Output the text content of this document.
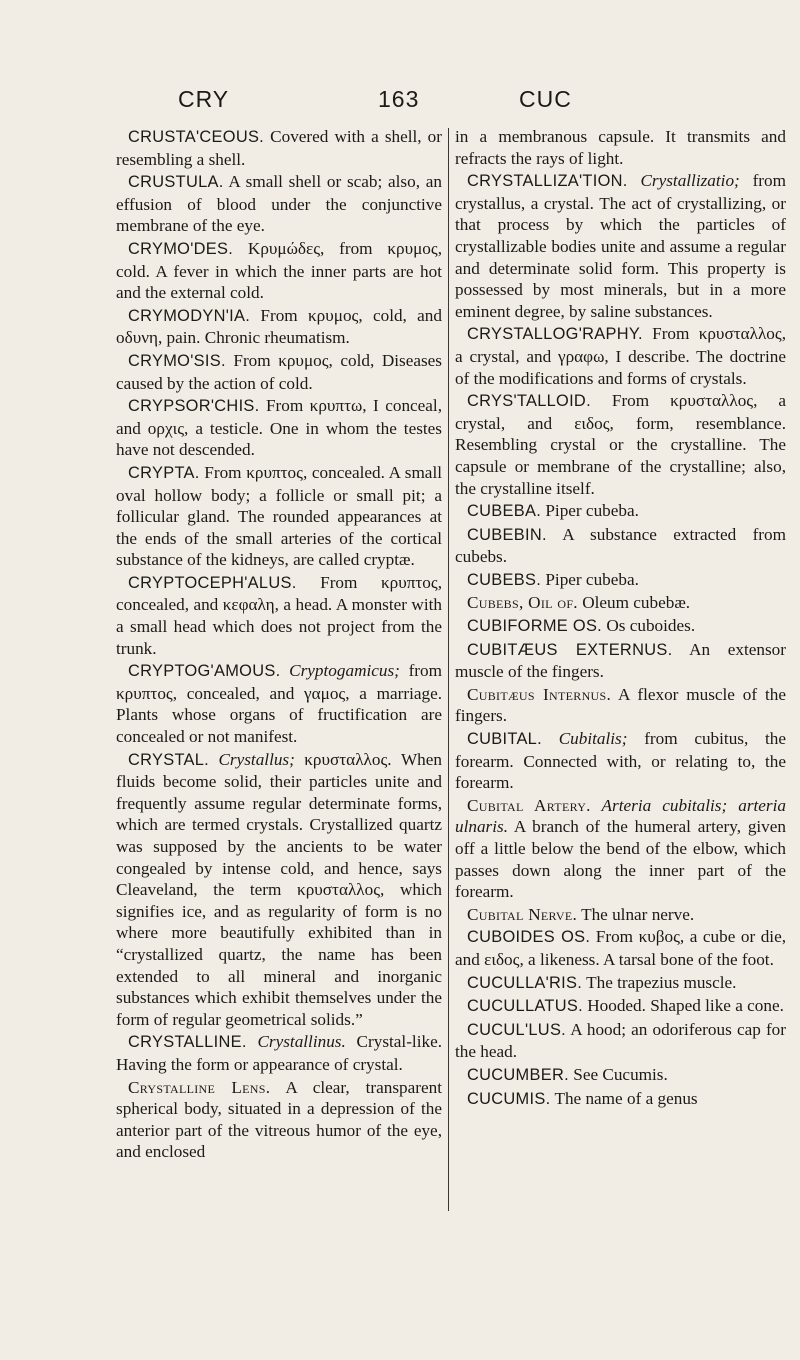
CRY	163	CUC

CRUSTA'CEOUS. Covered with a shell, or resembling a shell.

CRUSTULA. A small shell or scab; also, an effusion of blood under the conjunctive membrane of the eye.

CRYMO'DES. Κρυμώδες, from κρυμος, cold. A fever in which the inner parts are hot and the external cold.

CRYMODYN'IA. From κρυμος, cold, and οδυνη, pain. Chronic rheumatism.

CRYMO'SIS. From κρυμος, cold, Diseases caused by the action of cold.

CRYPSOR'CHIS. From κρυπτω, I conceal, and ορχις, a testicle. One in whom the testes have not descended.

CRYPTA. From κρυπτος, concealed. A small oval hollow body; a follicle or small pit; a follicular gland. The rounded appearances at the ends of the small arteries of the cortical substance of the kidneys, are called cryptæ.

CRYPTOCEPH'ALUS. From κρυπτος, concealed, and κεφαλη, a head. A monster with a small head which does not project from the trunk.

CRYPTOG'AMOUS. Cryptogamicus; from κρυπτος, concealed, and γαμος, a marriage. Plants whose organs of fructification are concealed or not manifest.

CRYSTAL. Crystallus; κρυσταλλος. When fluids become solid, their particles unite and frequently assume regular determinate forms, which are termed crystals. Crystallized quartz was supposed by the ancients to be water congealed by intense cold, and hence, says Cleaveland, the term κρυσταλλος, which signifies ice, and as regularity of form is no where more beautifully exhibited than in “crystallized quartz, the name has been extended to all mineral and inorganic substances which exhibit themselves under the form of regular geometrical solids.”

CRYSTALLINE. Crystallinus. Crystal-like. Having the form or appearance of crystal.

Crystalline Lens. A clear, transparent spherical body, situated in a depression of the anterior part of the vitreous humor of the eye, and enclosed

in a membranous capsule. It transmits and refracts the rays of light.

CRYSTALLIZA'TION. Crystallizatio; from crystallus, a crystal. The act of crystallizing, or that process by which the particles of crystallizable bodies unite and assume a regular and determinate solid form. This property is possessed by most minerals, but in a more eminent degree, by saline substances.

CRYSTALLOG'RAPHY. From κρυσταλλος, a crystal, and γραφω, I describe. The doctrine of the modifications and forms of crystals.

CRYS'TALLOID. From κρυσταλλος, a crystal, and ειδος, form, resemblance. Resembling crystal or the crystalline. The capsule or membrane of the crystalline; also, the crystalline itself.

CUBEBA. Piper cubeba.

CUBEBIN. A substance extracted from cubebs.

CUBEBS. Piper cubeba.

Cubebs, Oil of. Oleum cubebæ.

CUBIFORME OS. Os cuboides.

CUBITÆUS EXTERNUS. An extensor muscle of the fingers.

Cubitæus Internus. A flexor muscle of the fingers.

CUBITAL. Cubitalis; from cubitus, the forearm. Connected with, or relating to, the forearm.

Cubital Artery. Arteria cubitalis; arteria ulnaris. A branch of the humeral artery, given off a little below the bend of the elbow, which passes down along the inner part of the forearm.

Cubital Nerve. The ulnar nerve.

CUBOIDES OS. From κυβος, a cube or die, and ειδος, a likeness. A tarsal bone of the foot.

CUCULLA'RIS. The trapezius muscle.

CUCULLATUS. Hooded. Shaped like a cone.

CUCUL'LUS. A hood; an odoriferous cap for the head.

CUCUMBER. See Cucumis.

CUCUMIS. The name of a genus
